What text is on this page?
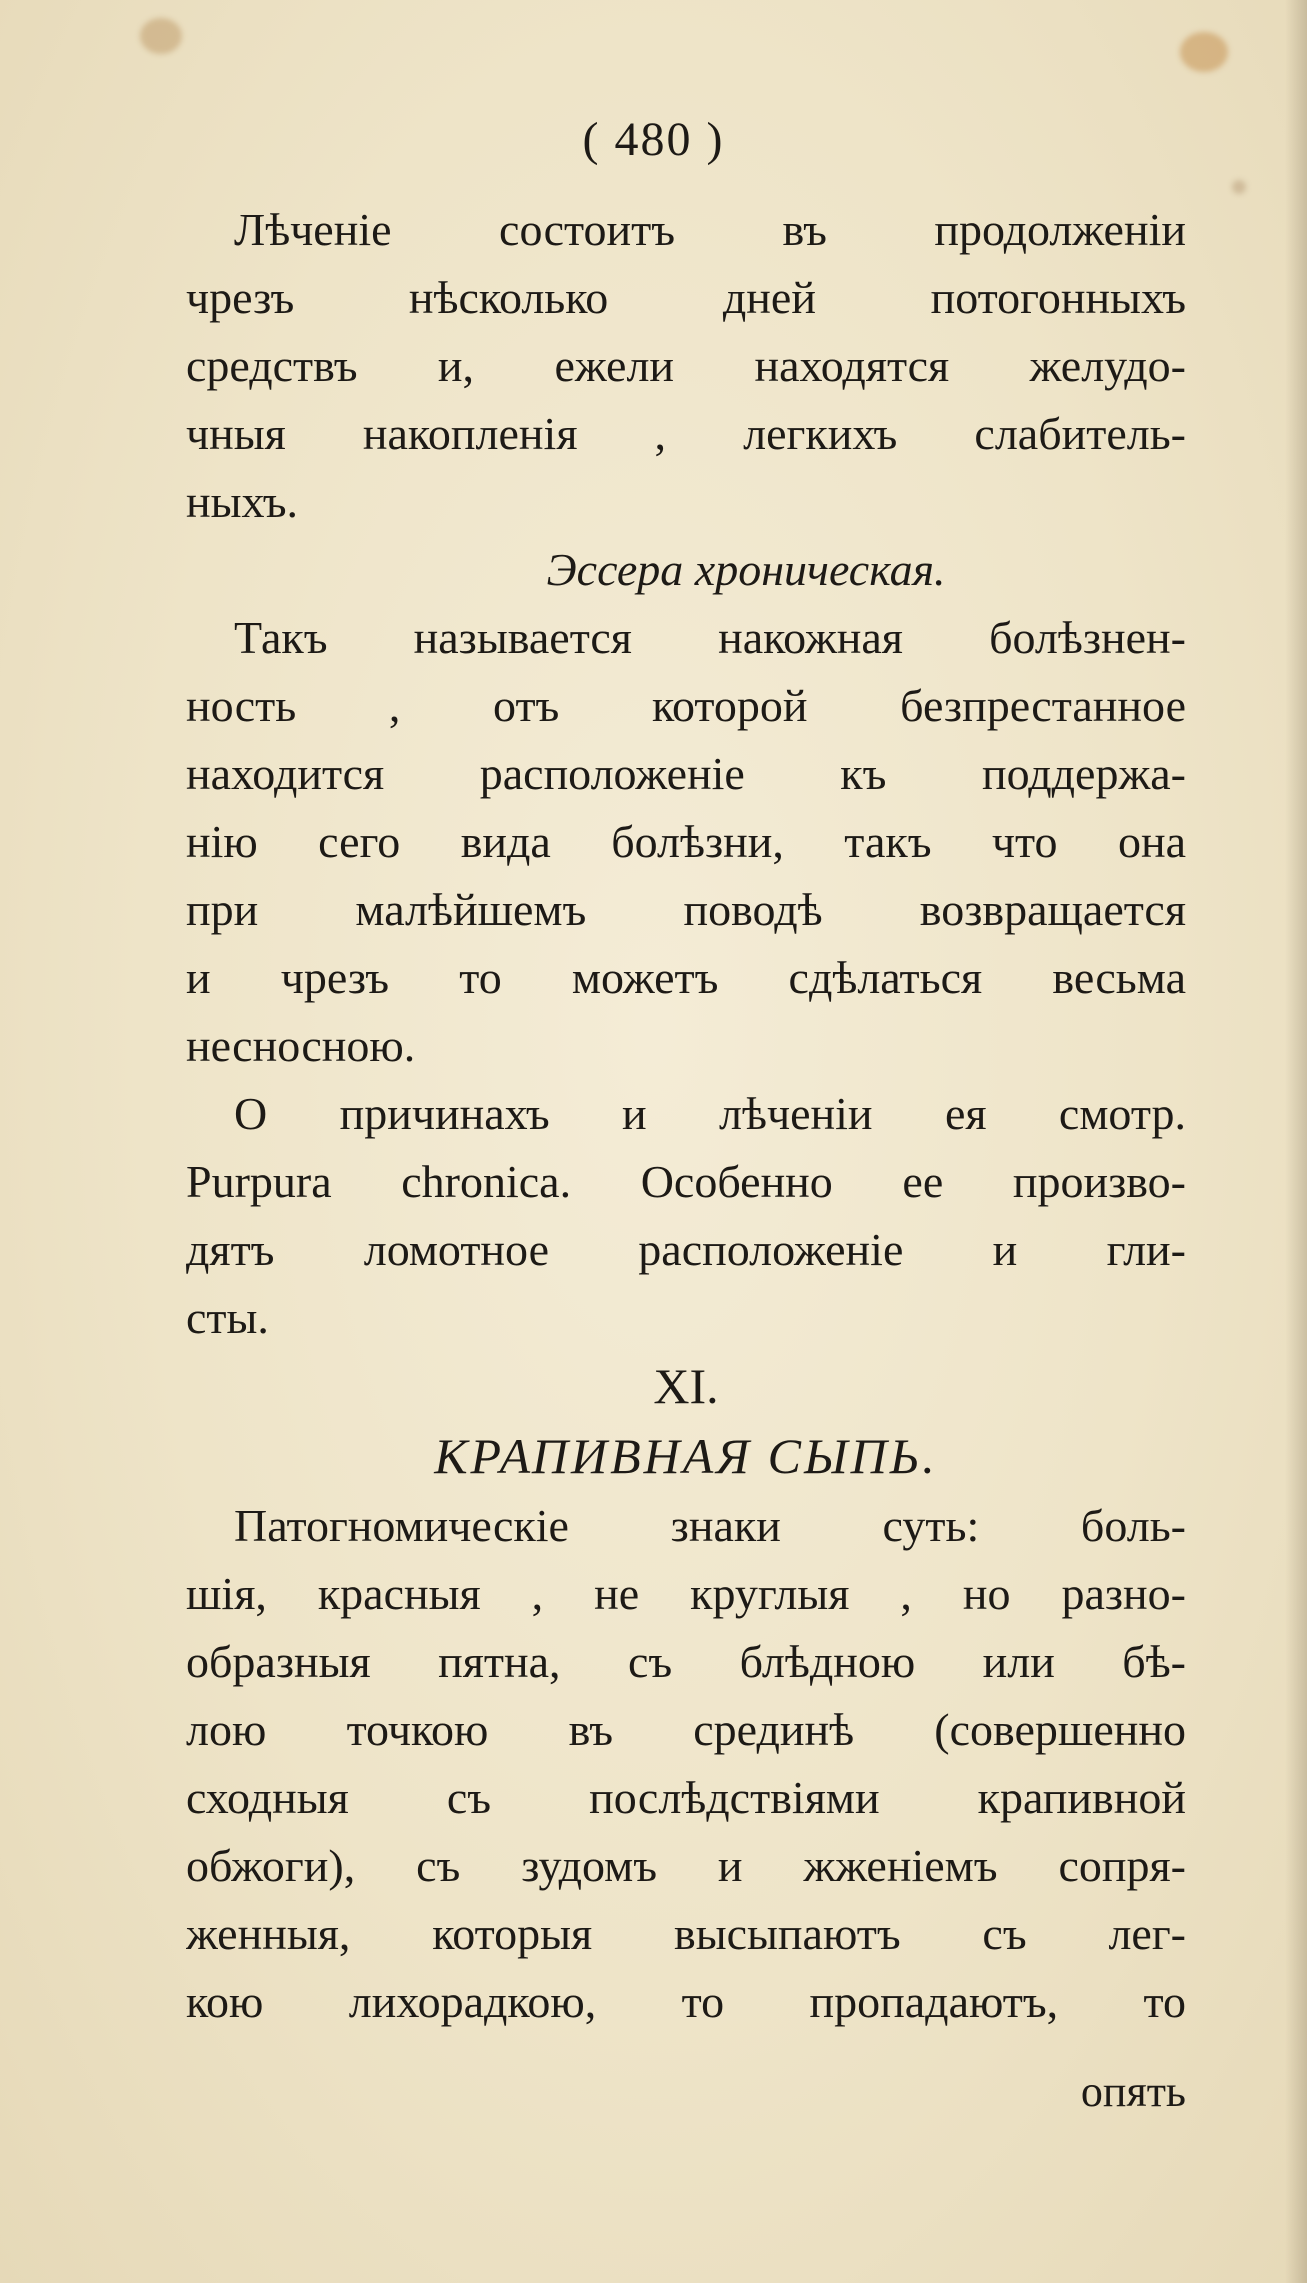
( 480 )
Лѣченіе состоитъ въ продолженіи
чрезъ нѣсколько дней потогонныхъ
средствъ и, ежели находятся желудо-
чныя накопленія , легкихъ слабитель-
ныхъ.
Эссера хроническая.
Такъ называется накожная болѣзнен-
ность , отъ которой безпрестанное
находится расположеніе къ поддержа-
нію сего вида болѣзни, такъ что она
при малѣйшемъ поводѣ возвращается
и чрезъ то можетъ сдѣлаться весьма
несносною.
О причинахъ и лѣченіи ея смотр.
Purpura chronica. Особенно ее произво-
дятъ ломотное расположеніе и гли-
сты.
XI.
КРАПИВНАЯ СЫПЬ.
Патогномическіе знаки суть: боль-
шія, красныя , не круглыя , но разно-
образныя пятна, съ блѣдною или бѣ-
лою точкою въ срединѣ (совершенно
сходныя съ послѣдствіями крапивной
обжоги), съ зудомъ и жженіемъ сопря-
женныя, которыя высыпаютъ съ лег-
кою лихорадкою, то пропадаютъ, то
опять
